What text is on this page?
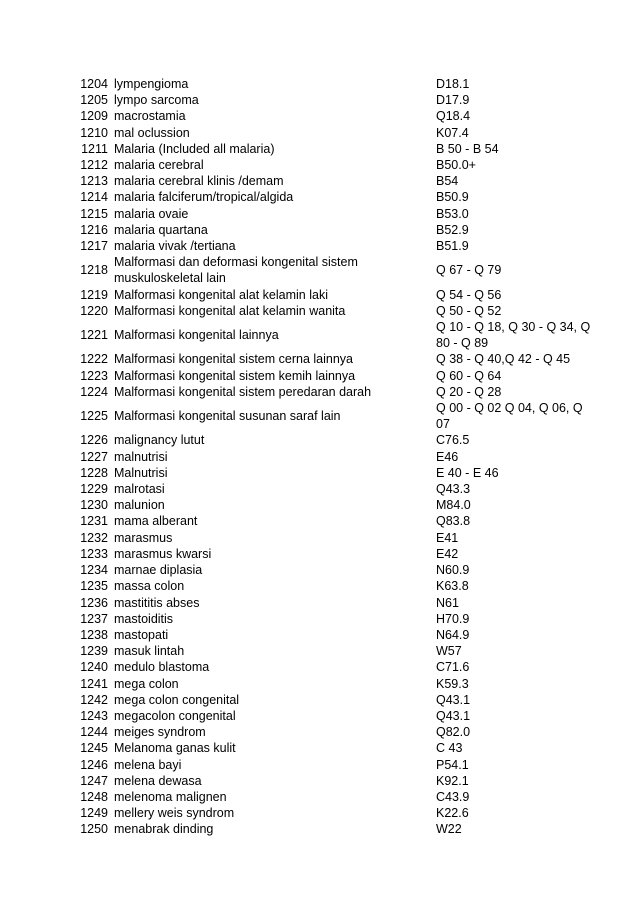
1204	lympengioma	D18.1
1205	lympo sarcoma	D17.9
1209	macrostamia	Q18.4
1210	mal oclussion	K07.4
1211	Malaria (Included all malaria)	B 50 - B 54
1212	malaria cerebral	B50.0+
1213	malaria cerebral klinis /demam	B54
1214	malaria falciferum/tropical/algida	B50.9
1215	malaria ovaie	B53.0
1216	malaria quartana	B52.9
1217	malaria vivak /tertiana	B51.9
1218	Malformasi dan deformasi kongenital sistem muskuloskeletal lain	Q 67 - Q 79
1219	Malformasi kongenital alat kelamin laki	Q 54 - Q 56
1220	Malformasi kongenital alat kelamin wanita	Q 50 - Q 52
1221	Malformasi kongenital lainnya	Q 10 - Q 18, Q 30 - Q 34, Q 80 - Q 89
1222	Malformasi kongenital sistem cerna lainnya	Q 38 - Q 40,Q 42 - Q 45
1223	Malformasi kongenital sistem kemih lainnya	Q 60 - Q 64
1224	Malformasi kongenital sistem peredaran darah	Q 20 - Q 28
1225	Malformasi kongenital susunan saraf lain	Q 00 - Q 02 Q 04, Q 06, Q 07
1226	malignancy lutut	C76.5
1227	malnutrisi	E46
1228	Malnutrisi	E 40 - E 46
1229	malrotasi	Q43.3
1230	malunion	M84.0
1231	mama alberant	Q83.8
1232	marasmus	E41
1233	marasmus kwarsi	E42
1234	marnae diplasia	N60.9
1235	massa colon	K63.8
1236	mastititis abses	N61
1237	mastoiditis	H70.9
1238	mastopati	N64.9
1239	masuk lintah	W57
1240	medulo blastoma	C71.6
1241	mega colon	K59.3
1242	mega colon congenital	Q43.1
1243	megacolon congenital	Q43.1
1244	meiges syndrom	Q82.0
1245	Melanoma ganas kulit	C 43
1246	melena bayi	P54.1
1247	melena dewasa	K92.1
1248	melenoma malignen	C43.9
1249	mellery weis syndrom	K22.6
1250	menabrak dinding	W22
